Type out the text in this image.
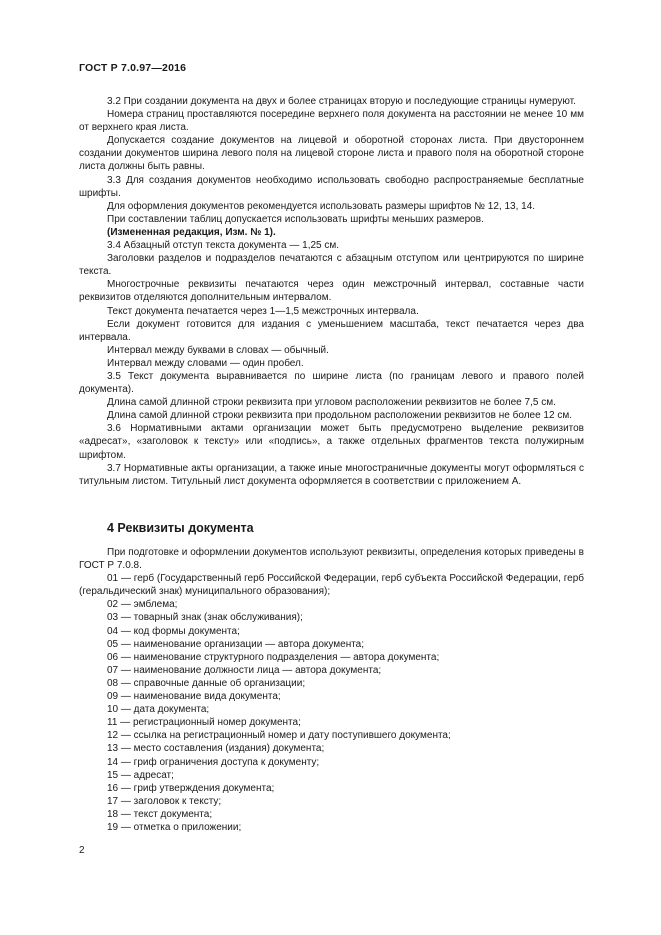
ГОСТ Р 7.0.97—2016

3.2 При создании документа на двух и более страницах вторую и последующие страницы нумеруют.

Номера страниц проставляются посередине верхнего поля документа на расстоянии не менее 10 мм от верхнего края листа.

Допускается создание документов на лицевой и оборотной сторонах листа. При двустороннем создании документов ширина левого поля на лицевой стороне листа и правого поля на оборотной стороне листа должны быть равны.

3.3 Для создания документов необходимо использовать свободно распространяемые бесплатные шрифты.

Для оформления документов рекомендуется использовать размеры шрифтов № 12, 13, 14.

При составлении таблиц допускается использовать шрифты меньших размеров.

(Измененная редакция, Изм. № 1).

3.4 Абзацный отступ текста документа — 1,25 см.

Заголовки разделов и подразделов печатаются с абзацным отступом или центрируются по ширине текста.

Многострочные реквизиты печатаются через один межстрочный интервал, составные части реквизитов отделяются дополнительным интервалом.

Текст документа печатается через 1—1,5 межстрочных интервала.

Если документ готовится для издания с уменьшением масштаба, текст печатается через два интервала.

Интервал между буквами в словах — обычный.

Интервал между словами — один пробел.

3.5 Текст документа выравнивается по ширине листа (по границам левого и правого полей документа).

Длина самой длинной строки реквизита при угловом расположении реквизитов не более 7,5 см.

Длина самой длинной строки реквизита при продольном расположении реквизитов не более 12 см.

3.6 Нормативными актами организации может быть предусмотрено выделение реквизитов «адресат», «заголовок к тексту» или «подпись», а также отдельных фрагментов текста полужирным шрифтом.

3.7 Нормативные акты организации, а также иные многостраничные документы могут оформляться с титульным листом. Титульный лист документа оформляется в соответствии с приложением А.

4 Реквизиты документа

При подготовке и оформлении документов используют реквизиты, определения которых приведены в ГОСТ Р 7.0.8.

01 — герб (Государственный герб Российской Федерации, герб субъекта Российской Федерации, герб (геральдический знак) муниципального образования);

02 — эмблема;

03 — товарный знак (знак обслуживания);

04 — код формы документа;

05 — наименование организации — автора документа;

06 — наименование структурного подразделения — автора документа;

07 — наименование должности лица — автора документа;

08 — справочные данные об организации;

09 — наименование вида документа;

10 — дата документа;

11 — регистрационный номер документа;

12 — ссылка на регистрационный номер и дату поступившего документа;

13 — место составления (издания) документа;

14 — гриф ограничения доступа к документу;

15 — адресат;

16 — гриф утверждения документа;

17 — заголовок к тексту;

18 — текст документа;

19 — отметка о приложении;

2
